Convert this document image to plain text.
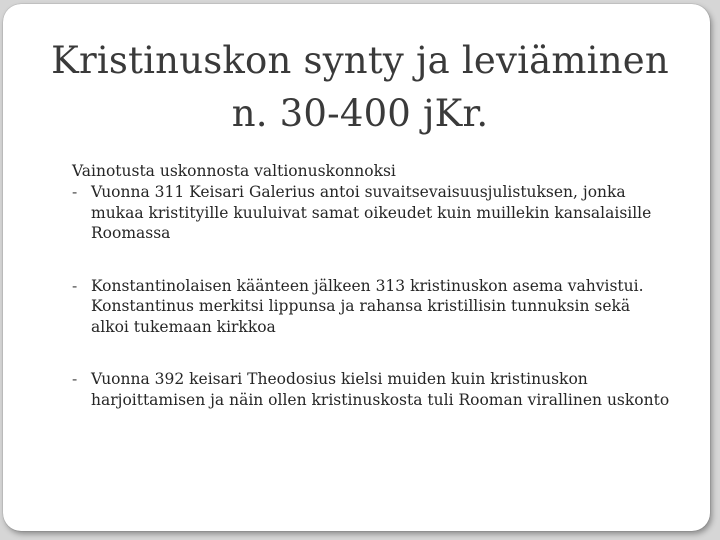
Kristinuskon synty ja leviäminen n. 30-400 jKr.
Vainotusta uskonnosta valtionuskonnoksi
- Vuonna 311 Keisari Galerius antoi suvaitsevaisuusjulistuksen, jonka mukaa kristityille kuuluivat samat oikeudet kuin muillekin kansalaisille Roomassa
- Konstantinolaisen käänteen jälkeen 313 kristinuskon asema vahvistui. Konstantinus merkitsi lippunsa ja rahansa kristillisin tunnuksin sekä alkoi tukemaan kirkkoa
- Vuonna 392 keisari Theodosius kielsi muiden kuin kristinuskon harjoittamisen ja näin ollen kristinuskosta tuli Rooman virallinen uskonto
